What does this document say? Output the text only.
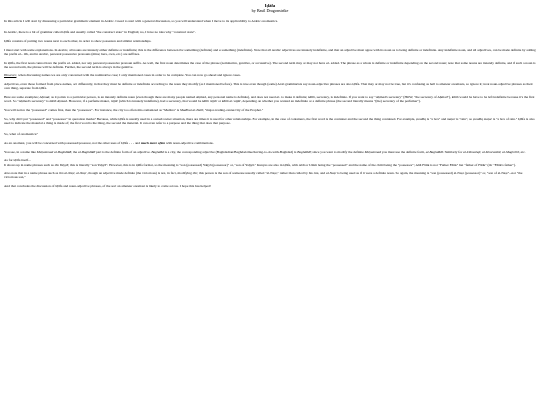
Iḍāfa
by Basil Dragonstrike

In this article I will start by dissussing a particular grammatic element in Arabic. I need to start with a general discussion, so you will understand when I move to its applicability to Arabic onomastics.

In Arabic, there is a bit of grammar called iḍāfa and usually called "the construct state" in English; no, I have no idea why "construct state".

Iḍāfa consists of putting two nouns next to each other, in order to show possesion and similar relationships.

I must start with some explanations. In Arabic, all nouns are innately either definite or indefinite; this is the difference between the something (definite) and a something (indefinite). Note that all Arabic adjectives are innately indefinite, and that an adjective must agree with its noun as to being definite or indefinite. Any indefinite noun, and all adjectives, can be made definite by adding the prefix al-. Oh, and in Arabic, personal possessive pronouns (mine; hers, own, etc.) are suffixes.

In iḍāfa, the first noun cannot have the prefix al- added, nor any personal possessive pronoun suffix. As well, the first noun determines the case of the phrase (nominative, genitive, or accusative). The second term may or may not have al- added. The phrase as a whole is definite or indefinite depending on the second noun; note that some nouns are innately definite, and if such a noun is the second term, the phrase will be definite. Further, the second term is always in the genitive.

However, when discussing names we are only concerned with the nominative case; I only mentioned cases in order to be complete. You can now go ahead and ignore cases.

Adjectives, even those formed from place-names, act differently, in that they must be definite or indefinite according to the noun they modify (as I mentioned before). This is true even though (some) Arab grammarists say noun-adjective phrases are also iḍāfa. That may or may not be true, but it's confusing as hell to amateur onomasts, so ignore it; treat noun-adjective phrases as their own thing, separate from iḍāfa.

Here are some examples; Aḥmad, as it points to a particular person, is an innately definite noun (even though there are many people named Aḥmad, any personal name is definite), and does not need al- to make it definite; kātib, secretary, is indefinite. If you want to say "Aḥmad's secretary" (HOW, "the secretary of Aḥmad"), kātib would be have to be left indefinite because it's the first word. So "Aḥmad's secretary" is kātib Aḥmad. However, if a perfume maker, 'aṭṭār (which is innately indefinite), had a secretary, that would be kātib 'aṭṭār or kātib al-'aṭṭār, depending on whether you wanted an indefinite or a definite phrase (the second literally means "(the) secretary of the perfumer").

You will notice the "possessed" comes first, then the "possessor". For instance, the city too often mis-romanized as "Medina" is Madīnat al-Nabī, "major-trading-center/city of the Prophet."

So, why did I put "possessed" and "possessor" in quotation marks? Because, while iḍāfa is usually used in a owned/owner situation, there are times it is used for other relationships. For example, in the case of containers, the first word is the container and the second the thing contained. For example, ṣundūq is "a box" and maṭar is "rain", so ṣundūq maṭar is "a box of rain." Iḍāfa is also used to indicate the material a thing is made of; the first word is the thing, the second the material. It can even refer to a purpose and the thing that does that purpose.

So, what of onomastics?

As an onomast, you will be concerned with possessed/posessor, not the other uses of Iḍāfa - - - and much more often with noun-adjective combinations.

You see, in a name like Muḥammad al-Baghdādī, the al-Baghdādī part is the definite form of an adjective. Baghdād is a city, the corresponding adjective (Baghdadian/Baghdad-like/having-to-do-with-Baghdad) is Baghdādī; since you want to modify the definite Muḥammad you must use the definite form, al-Baghdādī. Similarly for al-Dimashqī, al-Khurasānī, al-Maghribī, etc.

As for iḍāfa itself...
It shows up in name phrases such as ibn Yaḥyā; this is literally "son Yaḥyā". However, this is in iḍāfa format, so the meaning is "son (possessed) Yaḥyā (possessor)" or, "son of Yaḥyā." Kunyas are also in iḍāfa, with Abū or Umm being the "possessed" and the name of the child being the "possessor"; Abū Fātik is not "Father Fātik" but "father of Fātik" (Or "Fātik's father").

Also note that in a name phrase such as ibn al-Naṣr, al-Naṣr, though an adjective made definite (the victorious) is not, in fact, modifying ibn; this person is the son of someone usually called "al-Naṣr," rather than called by his ism, and al-Naṣr is being used as if it were a definite noun. So again, the meaning is "son (possessed) al-Naṣr (possessor)" or, "son of al-Naṣr"--not "the victorious son,"

And that concludes the discussion of Iḍāfa and noun-adjective phrases, of the sort an amateur onomast is likely to come across. I hope this has helped!
